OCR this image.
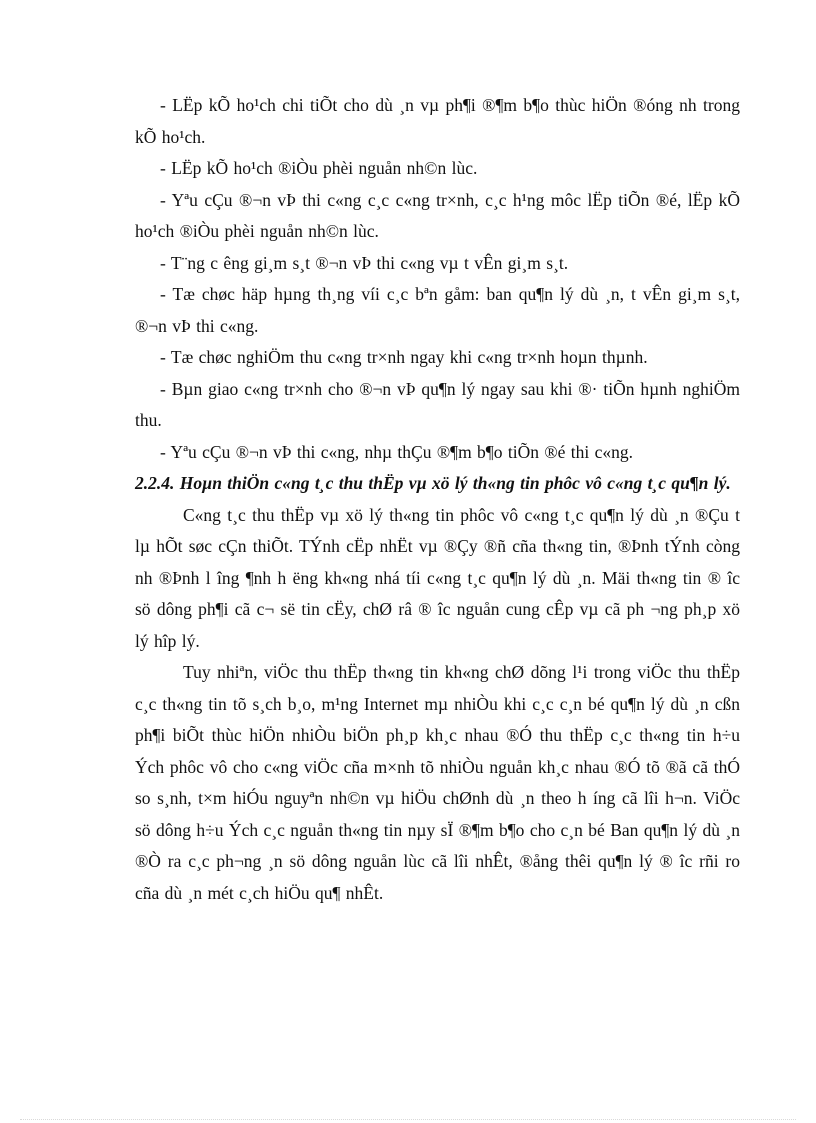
- LËp kÕ ho¹ch chi tiÕt cho dù ¸n vµ ph¶i ®¶m b¶o thùc hiÖn ®óng nh trong kÕ ho¹ch.

- LËp kÕ ho¹ch ®iÒu phèi nguån nh©n lùc.

- Yªu cÇu ®¬n vÞ thi c«ng c¸c c«ng tr×nh, c¸c h¹ng môc lËp tiÕn ®é, lËp kÕ ho¹ch ®iÒu phèi nguån nh©n lùc.

- T¨ng c êng gi¸m s¸t ®¬n vÞ thi c«ng vµ t vÊn gi¸m s¸t.

- Tæ chøc häp hµng th¸ng víi c¸c bªn gåm: ban qu¶n lý dù ¸n, t vÊn gi¸m s¸t, ®¬n vÞ thi c«ng.

- Tæ chøc nghiÖm thu c«ng tr×nh ngay khi c«ng tr×nh hoµn thµnh.

- Bµn giao c«ng tr×nh cho ®¬n vÞ qu¶n lý ngay sau khi ®· tiÕn hµnh nghiÖm thu.

- Yªu cÇu ®¬n vÞ thi c«ng, nhµ thÇu ®¶m b¶o tiÕn ®é thi c«ng.

2.2.4. Hoµn thiÖn c«ng t¸c thu thËp vµ xö lý th«ng tin phôc vô c«ng t¸c qu¶n lý.

C«ng t¸c thu thËp vµ xö lý th«ng tin phôc vô c«ng t¸c qu¶n lý dù ¸n ®Çu t lµ hÕt søc cÇn thiÕt. TÝnh cËp nhËt vµ ®Çy ®ñ cña th«ng tin, ®Þnh tÝnh còng nh ®Þnh l îng ¶nh h ëng kh«ng nhá tíi c«ng t¸c qu¶n lý dù ¸n. Mäi th«ng tin ® îc sö dông ph¶i cã c¬ së tin cËy, chØ râ ® îc nguån cung cÊp vµ cã ph ¬ng ph¸p xö lý hîp lý.

Tuy nhiªn, viÖc thu thËp th«ng tin kh«ng chØ dõng l¹i trong viÖc thu thËp c¸c th«ng tin tõ s¸ch b¸o, m¹ng Internet mµ nhiÒu khi c¸c c¸n bé qu¶n lý dù ¸n cßn ph¶i biÕt thùc hiÖn nhiÒu biÖn ph¸p kh¸c nhau ®Ó thu thËp c¸c th«ng tin h÷u Ých phôc vô cho c«ng viÖc cña m×nh tõ nhiÒu nguån kh¸c nhau ®Ó tõ ®ã cã thÓ so s¸nh, t×m hiÓu nguyªn nh©n vµ hiÖu chØnh dù ¸n theo h íng cã lîi h¬n. ViÖc sö dông h÷u Ých c¸c nguån th«ng tin nµy sÏ ®¶m b¶o cho c¸n bé Ban qu¶n lý dù ¸n ®Ò ra c¸c ph¬ng ¸n sö dông nguån lùc cã lîi nhÊt, ®ång thêi qu¶n lý ® îc rñi ro cña dù ¸n mét c¸ch hiÖu qu¶ nhÊt.
